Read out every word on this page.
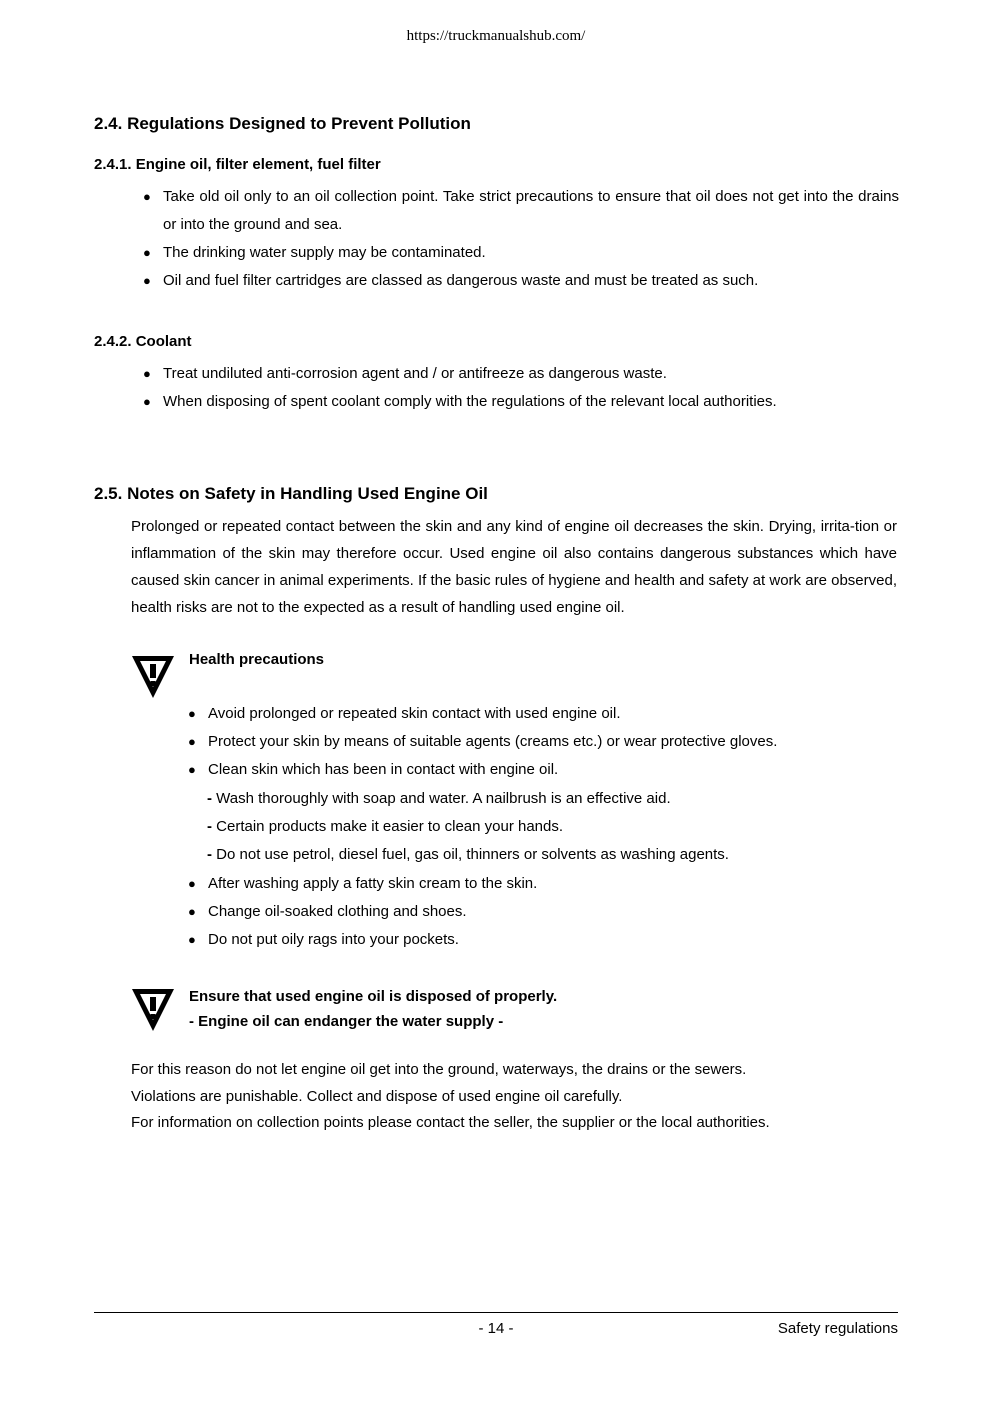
https://truckmanualshub.com/
2.4. Regulations Designed to Prevent Pollution
2.4.1. Engine oil, filter element, fuel filter
● Take old oil only to an oil collection point. Take strict precautions to ensure that oil does not get into the drains or into the ground and sea.
● The drinking water supply may be contaminated.
● Oil and fuel filter cartridges are classed as dangerous waste and must be treated as such.
2.4.2. Coolant
● Treat undiluted anti-corrosion agent and / or antifreeze as dangerous waste.
● When disposing of spent coolant comply with the regulations of the relevant local authorities.
2.5. Notes on Safety in Handling Used Engine Oil
Prolonged or repeated contact between the skin and any kind of engine oil decreases the skin. Drying, irrita-tion or inflammation of the skin may therefore occur. Used engine oil also contains dangerous substances which have caused skin cancer in animal experiments. If the basic rules of hygiene and health and safety at work are observed, health risks are not to the expected as a result of handling used engine oil.
Health precautions
● Avoid prolonged or repeated skin contact with used engine oil.
● Protect your skin by means of suitable agents (creams etc.) or wear protective gloves.
● Clean skin which has been in contact with engine oil.
- Wash thoroughly with soap and water. A nailbrush is an effective aid.
- Certain products make it easier to clean your hands.
- Do not use petrol, diesel fuel, gas oil, thinners or solvents as washing agents.
● After washing apply a fatty skin cream to the skin.
● Change oil-soaked clothing and shoes.
● Do not put oily rags into your pockets.
Ensure that used engine oil is disposed of properly.
- Engine oil can endanger the water supply -
For this reason do not let engine oil get into the ground, waterways, the drains or the sewers.
Violations are punishable. Collect and dispose of used engine oil carefully.
For information on collection points please contact the seller, the supplier or the local authorities.
- 14 -	Safety regulations
